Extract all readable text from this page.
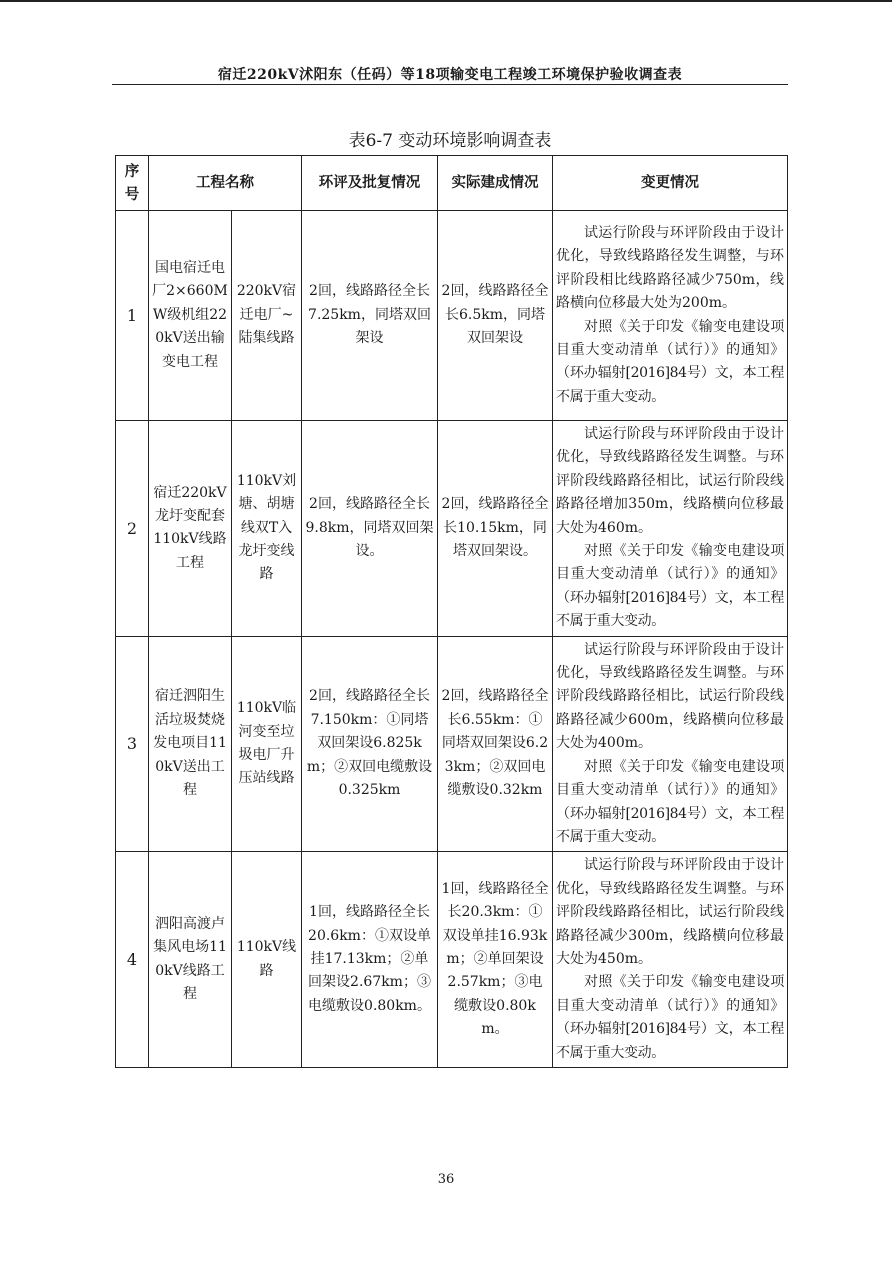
宿迁220kV沭阳东（任码）等18项输变电工程竣工环境保护验收调查表
表6-7 变动环境影响调查表
序号	工程名称		环评及批复情况	实际建成情况	变更情况
1	国电宿迁电厂2×660MW级机组220kV送出输变电工程	220kV宿迁电厂~陆集线路	2回，线路路径全长7.25km，同塔双回架设	2回，线路路径全长6.5km，同塔双回架设	试运行阶段与环评阶段由于设计优化，导致线路路径发生调整，与环评阶段相比线路路径减少750m，线路横向位移最大处为200m。
对照《关于印发《输变电建设项目重大变动清单（试行）》的通知》（环办辐射[2016]84号）文，本工程不属于重大变动。

2	宿迁220kV龙圩变配套110kV线路工程	110kV刘塘、胡塘线双T入龙圩变线路	2回，线路路径全长9.8km，同塔双回架设。	2回，线路路径全长10.15km，同塔双回架设。	试运行阶段与环评阶段由于设计优化，导致线路路径发生调整。与环评阶段线路路径相比，试运行阶段线路路径增加350m，线路横向位移最大处为460m。
对照《关于印发《输变电建设项目重大变动清单（试行）》的通知》（环办辐射[2016]84号）文，本工程不属于重大变动。

3	宿迁泗阳生活垃圾焚烧发电项目110kV送出工程	110kV临河变至垃圾电厂升压站线路	2回，线路路径全长7.150km：①同塔双回架设6.825km；②双回电缆敷设0.325km	2回，线路路径全长6.55km：①同塔双回架设6.23km；②双回电缆敷设0.32km	试运行阶段与环评阶段由于设计优化，导致线路路径发生调整。与环评阶段线路路径相比，试运行阶段线路路径减少600m，线路横向位移最大处为400m。
对照《关于印发《输变电建设项目重大变动清单（试行）》的通知》（环办辐射[2016]84号）文，本工程不属于重大变动。

4	泗阳高渡卢集风电场110kV线路工程	110kV线路	1回，线路路径全长20.6km：①双设单挂17.13km；②单回架设2.67km；③电缆敷设0.80km。	1回，线路路径全长20.3km：①双设单挂16.93km；②单回架设2.57km；③电缆敷设0.80km。	试运行阶段与环评阶段由于设计优化，导致线路路径发生调整。与环评阶段线路路径相比，试运行阶段线路路径减少300m，线路横向位移最大处为450m。
对照《关于印发《输变电建设项目重大变动清单（试行）》的通知》（环办辐射[2016]84号）文，本工程不属于重大变动。
36
